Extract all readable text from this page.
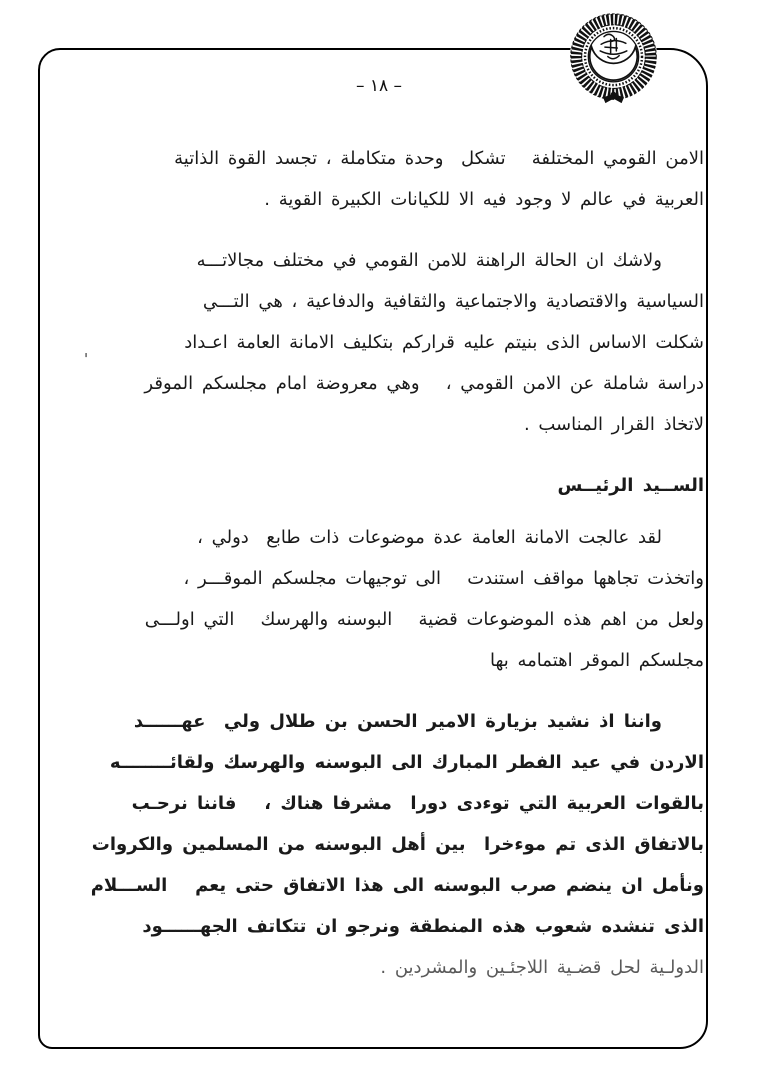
– ١٨ –
'
الامن القومي المختلفة   تشكل  وحدة متكاملة ، تجسد القوة الذاتية
العربية في عالم لا وجود فيه الا للكيانات الكبيرة القوية .
ولاشك ان الحالة الراهنة للامن القومي في مختلف مجالاتـــه
السياسية والاقتصادية والاجتماعية والثقافية والدفاعية ، هي التـــي
شكلت الاساس الذى بنيتم عليه قراركم بتكليف الامانة العامة اعـداد
دراسة شاملة عن الامن القومي ،   وهي معروضة امام مجلسكم الموقر
لاتخاذ القرار المناسب .
الســيد الرئيــس
لقد عالجت الامانة العامة عدة موضوعات ذات طابع  دولي ،
واتخذت تجاهها مواقف استندت   الى توجيهات مجلسكم الموقـــر ،
ولعل من اهم هذه الموضوعات قضية   البوسنه والهرسك   التي اولـــى
مجلسكم الموقر اهتمامه بها
واننا اذ نشيد بزيارة الامير الحسن بن طلال ولي  عهــــــد
الاردن في عيد الفطر المبارك الى البوسنه والهرسك ولقائــــــــه
بالقوات العربية التي توءدى دورا  مشرفا هناك ،   فاننا نرحـب
بالاتفاق الذى تم موءخرا  بين أهل البوسنه من المسلمين والكروات
ونأمل ان ينضم صرب البوسنه الى هذا الاتفاق حتى يعم   الســـلام
الذى تنشده شعوب هذه المنطقة ونرجو ان تتكاتف الجهــــــود
الدولـية لحل قضـية اللاجئـين والمشردين .
